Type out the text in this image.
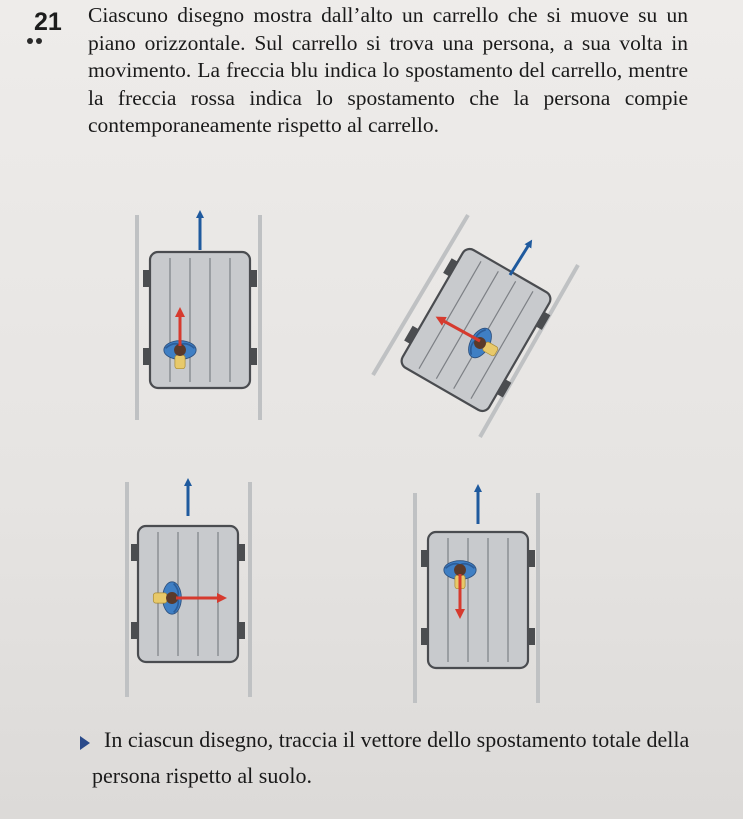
21 Ciascuno disegno mostra dall’alto un carrello che si muove su un piano orizzontale. Sul carrello si trova una persona, a sua volta in movimento. La freccia blu indica lo spostamento del carrello, mentre la freccia rossa indica lo spostamento che la persona compie contemporaneamente rispetto al carrello.

In ciascun disegno, traccia il vettore dello spostamento totale della persona rispetto al suolo.
